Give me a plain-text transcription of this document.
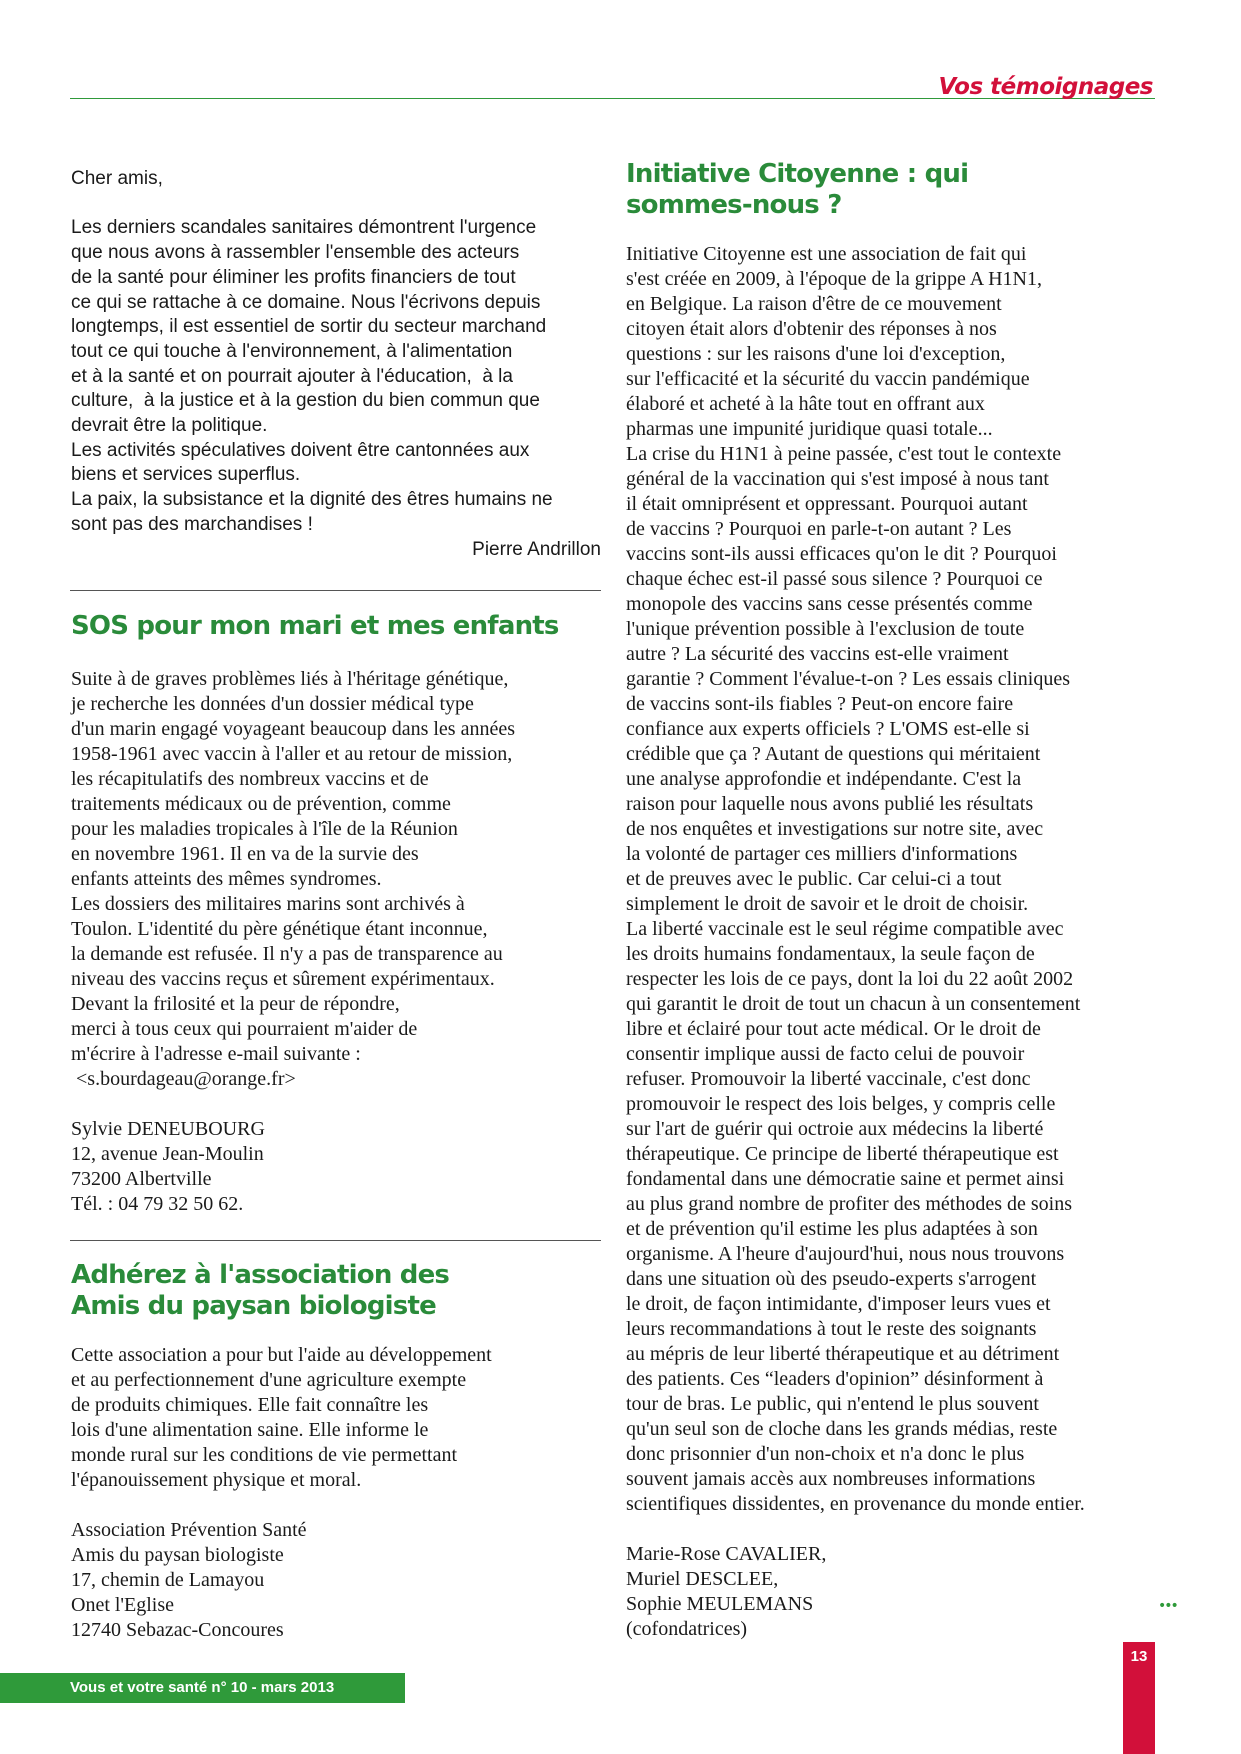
Vos témoignages
Cher amis,
Les derniers scandales sanitaires démontrent l'urgence
que nous avons à rassembler l'ensemble des acteurs
de la santé pour éliminer les profits financiers de tout
ce qui se rattache à ce domaine. Nous l'écrivons depuis
longtemps, il est essentiel de sortir du secteur marchand
tout ce qui touche à l'environnement, à l'alimentation
et à la santé et on pourrait ajouter à l'éducation,  à la
culture,  à la justice et à la gestion du bien commun que
devrait être la politique.
Les activités spéculatives doivent être cantonnées aux
biens et services superflus.
La paix, la subsistance et la dignité des êtres humains ne
sont pas des marchandises !
Pierre Andrillon
SOS pour mon mari et mes enfants
Suite à de graves problèmes liés à l'héritage génétique,
je recherche les données d'un dossier médical type
d'un marin engagé voyageant beaucoup dans les années
1958-1961 avec vaccin à l'aller et au retour de mission,
les récapitulatifs des nombreux vaccins et de
traitements médicaux ou de prévention, comme
pour les maladies tropicales à l'île de la Réunion
en novembre 1961. Il en va de la survie des
enfants atteints des mêmes syndromes.
Les dossiers des militaires marins sont archivés à
Toulon. L'identité du père génétique étant inconnue,
la demande est refusée. Il n'y a pas de transparence au
niveau des vaccins reçus et sûrement expérimentaux.
Devant la frilosité et la peur de répondre,
merci à tous ceux qui pourraient m'aider de
m'écrire à l'adresse e-mail suivante :
<s.bourdageau@orange.fr>
Sylvie DENEUBOURG
12, avenue Jean-Moulin
73200 Albertville
Tél. : 04 79 32 50 62.
Adhérez à l'association des
Amis du paysan biologiste
Cette association a pour but l'aide au développement
et au perfectionnement d'une agriculture exempte
de produits chimiques. Elle fait connaître les
lois d'une alimentation saine. Elle informe le
monde rural sur les conditions de vie permettant
l'épanouissement physique et moral.
Association Prévention Santé
Amis du paysan biologiste
17, chemin de Lamayou
Onet l'Eglise
12740 Sebazac-Concoures
Initiative Citoyenne : qui
sommes-nous ?
Initiative Citoyenne est une association de fait qui
s'est créée en 2009, à l'époque de la grippe A H1N1,
en Belgique. La raison d'être de ce mouvement
citoyen était alors d'obtenir des réponses à nos
questions : sur les raisons d'une loi d'exception,
sur l'efficacité et la sécurité du vaccin pandémique
élaboré et acheté à la hâte tout en offrant aux
pharmas une impunité juridique quasi totale...
La crise du H1N1 à peine passée, c'est tout le contexte
général de la vaccination qui s'est imposé à nous tant
il était omniprésent et oppressant. Pourquoi autant
de vaccins ? Pourquoi en parle-t-on autant ? Les
vaccins sont-ils aussi efficaces qu'on le dit ? Pourquoi
chaque échec est-il passé sous silence ? Pourquoi ce
monopole des vaccins sans cesse présentés comme
l'unique prévention possible à l'exclusion de toute
autre ? La sécurité des vaccins est-elle vraiment
garantie ? Comment l'évalue-t-on ? Les essais cliniques
de vaccins sont-ils fiables ? Peut-on encore faire
confiance aux experts officiels ? L'OMS est-elle si
crédible que ça ? Autant de questions qui méritaient
une analyse approfondie et indépendante. C'est la
raison pour laquelle nous avons publié les résultats
de nos enquêtes et investigations sur notre site, avec
la volonté de partager ces milliers d'informations
et de preuves avec le public. Car celui-ci a tout
simplement le droit de savoir et le droit de choisir.
La liberté vaccinale est le seul régime compatible avec
les droits humains fondamentaux, la seule façon de
respecter les lois de ce pays, dont la loi du 22 août 2002
qui garantit le droit de tout un chacun à un consentement
libre et éclairé pour tout acte médical. Or le droit de
consentir implique aussi de facto celui de pouvoir
refuser. Promouvoir la liberté vaccinale, c'est donc
promouvoir le respect des lois belges, y compris celle
sur l'art de guérir qui octroie aux médecins la liberté
thérapeutique. Ce principe de liberté thérapeutique est
fondamental dans une démocratie saine et permet ainsi
au plus grand nombre de profiter des méthodes de soins
et de prévention qu'il estime les plus adaptées à son
organisme. A l'heure d'aujourd'hui, nous nous trouvons
dans une situation où des pseudo-experts s'arrogent
le droit, de façon intimidante, d'imposer leurs vues et
leurs recommandations à tout le reste des soignants
au mépris de leur liberté thérapeutique et au détriment
des patients. Ces “leaders d'opinion” désinforment à
tour de bras. Le public, qui n'entend le plus souvent
qu'un seul son de cloche dans les grands médias, reste
donc prisonnier d'un non-choix et n'a donc le plus
souvent jamais accès aux nombreuses informations
scientifiques dissidentes, en provenance du monde entier.
Marie-Rose CAVALIER,
Muriel DESCLEE,
Sophie MEULEMANS
(cofondatrices)
•••
Vous et votre santé n° 10 - mars 2013
13
